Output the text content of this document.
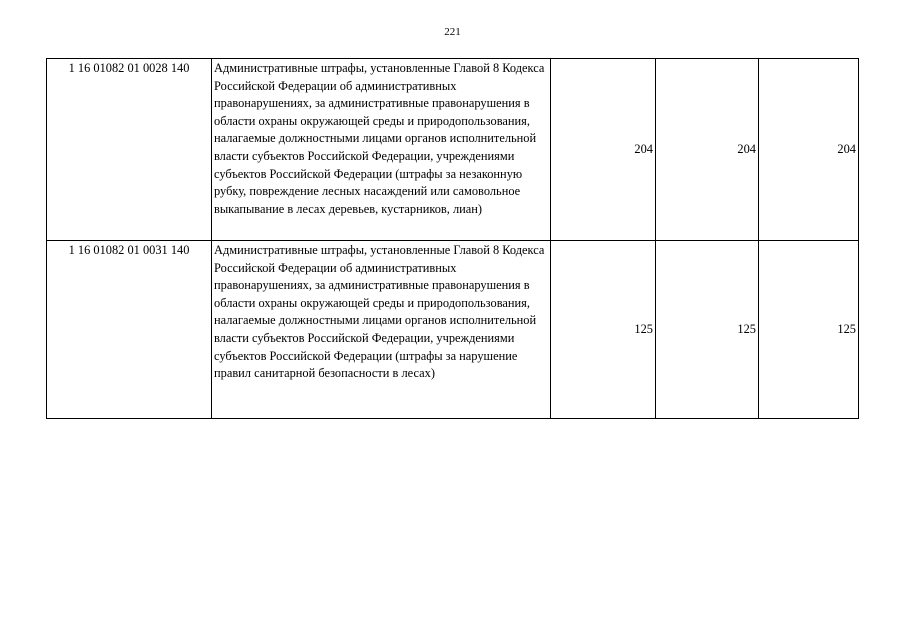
221
1 16 01082 01 0028 140	Административные штрафы, установленные Главой 8 Кодекса Российской Федерации об административных правонарушениях, за административные правонарушения в области охраны окружающей среды и природопользования, налагаемые должностными лицами органов исполнительной власти субъектов Российской Федерации, учреждениями субъектов Российской Федерации (штрафы за незаконную рубку, повреждение лесных насаждений или самовольное выкапывание в лесах деревьев, кустарников, лиан)	204	204	204
1 16 01082 01 0031 140	Административные штрафы, установленные Главой 8 Кодекса Российской Федерации об административных правонарушениях, за административные правонарушения в области охраны окружающей среды и природопользования, налагаемые должностными лицами органов исполнительной власти субъектов Российской Федерации, учреждениями субъектов Российской Федерации (штрафы за нарушение правил санитарной безопасности в лесах)	125	125	125
